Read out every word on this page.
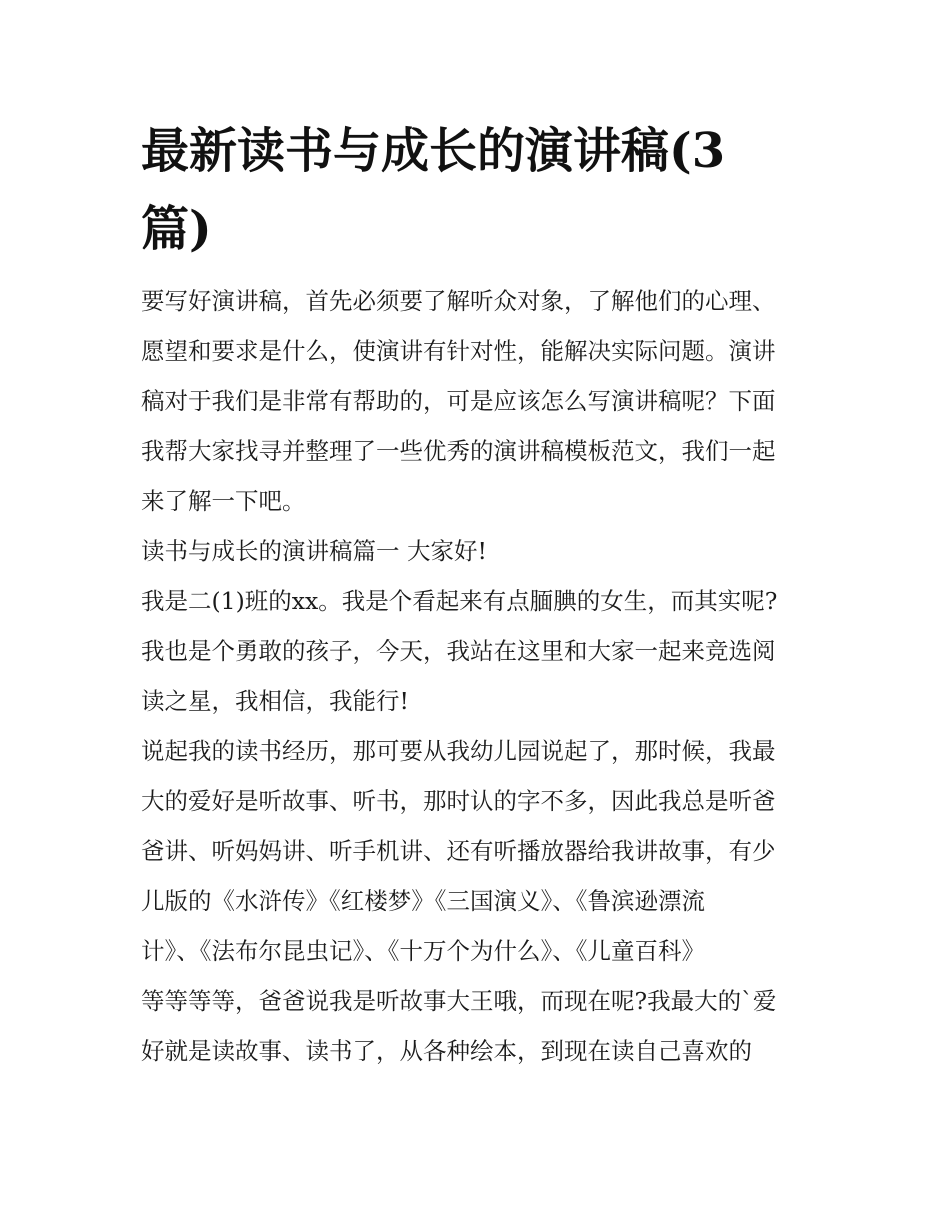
最新读书与成长的演讲稿(3篇)
要写好演讲稿，首先必须要了解听众对象，了解他们的心理、
愿望和要求是什么，使演讲有针对性，能解决实际问题。演讲
稿对于我们是非常有帮助的，可是应该怎么写演讲稿呢？下面
我帮大家找寻并整理了一些优秀的演讲稿模板范文，我们一起
来了解一下吧。
读书与成长的演讲稿篇一 大家好!
我是二(1)班的xx。我是个看起来有点腼腆的女生，而其实呢?
我也是个勇敢的孩子，今天，我站在这里和大家一起来竞选阅
读之星，我相信，我能行!
说起我的读书经历，那可要从我幼儿园说起了，那时候，我最
大的爱好是听故事、听书，那时认的字不多，因此我总是听爸
爸讲、听妈妈讲、听手机讲、还有听播放器给我讲故事，有少
儿版的《水浒传》《红楼梦》《三国演义》、《鲁滨逊漂流
计》、《法布尔昆虫记》、《十万个为什么》、《儿童百科》
等等等等，爸爸说我是听故事大王哦，而现在呢?我最大的`爱
好就是读故事、读书了，从各种绘本，到现在读自己喜欢的
